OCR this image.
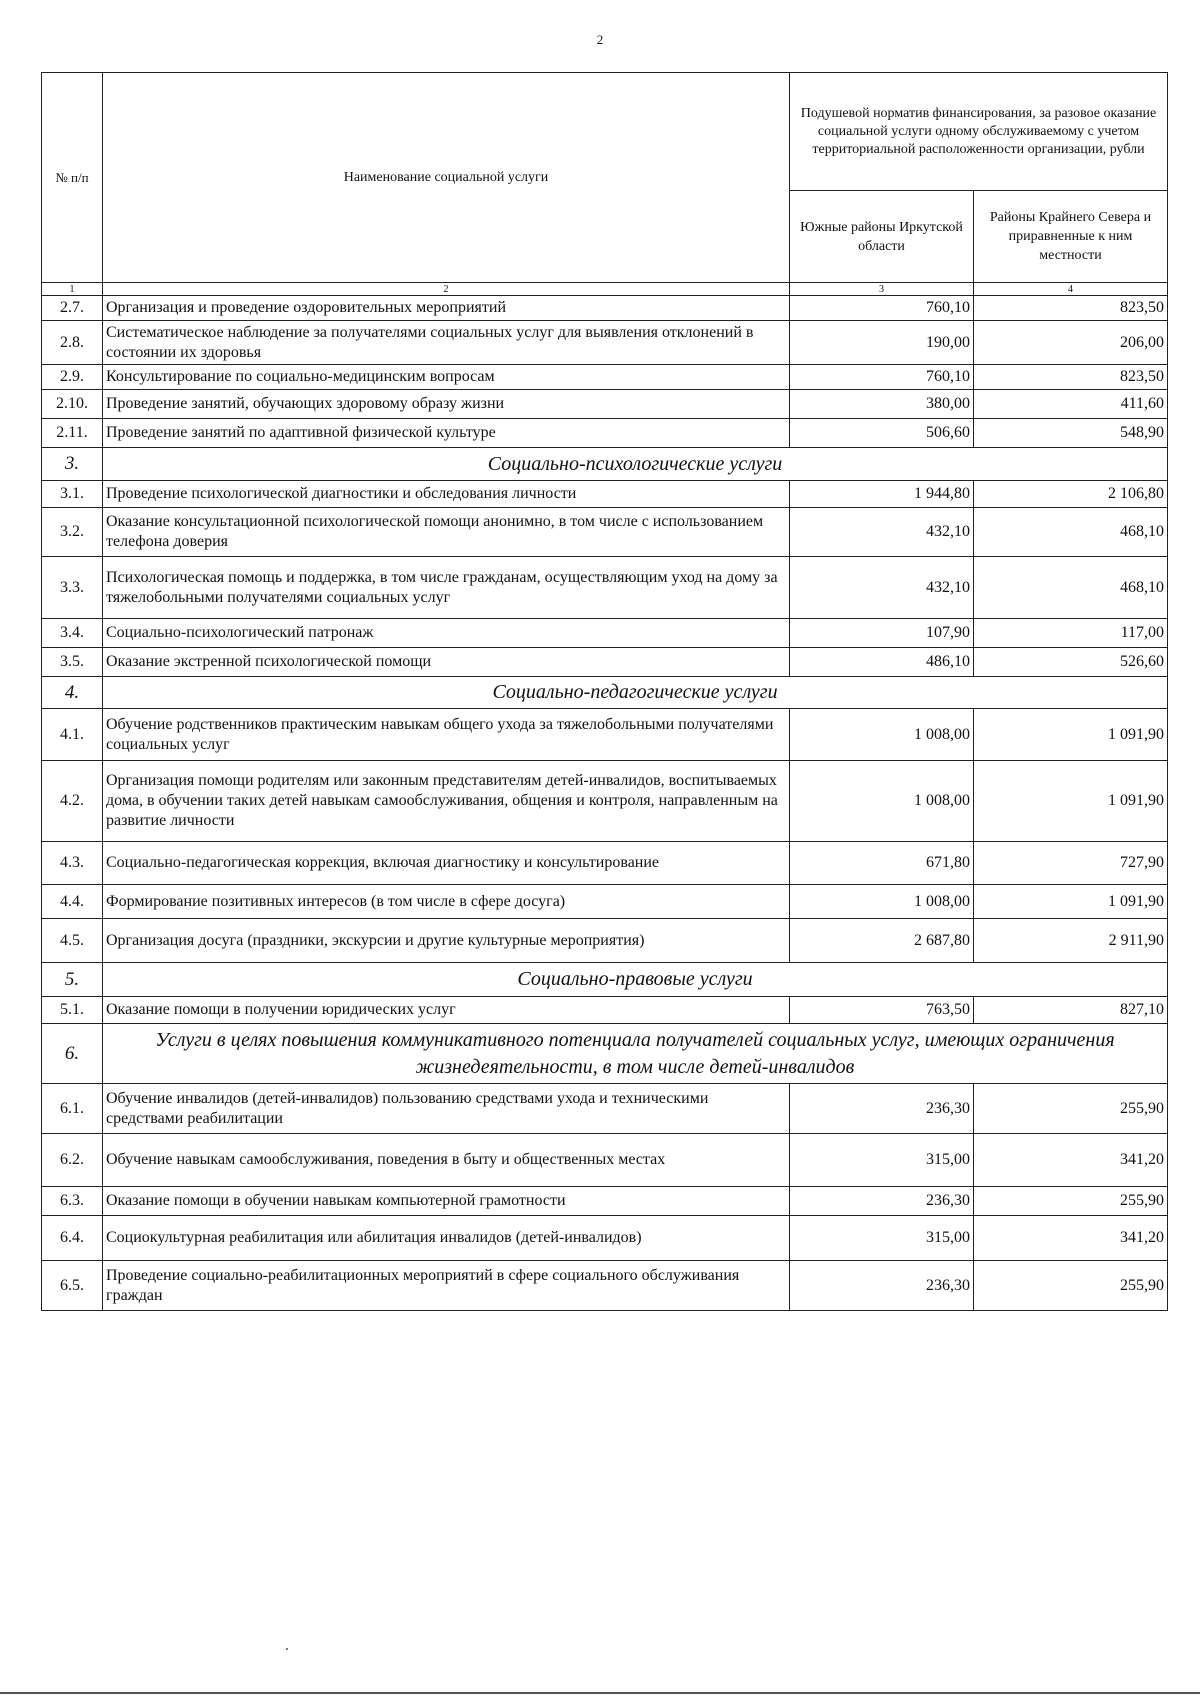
2
№ п/п	Наименование социальной услуги	Подушевой норматив финансирования, за разовое оказание социальной услуги одному обслуживаемому с учетом территориальной расположенности организации, рубли	
		Южные районы Иркутской области	Районы Крайнего Севера и приравненные к ним местности
1	2	3	4
2.7.	Организация и проведение оздоровительных мероприятий	760,10	823,50
2.8.	Систематическое наблюдение за получателями социальных услуг для выявления отклонений в состоянии их здоровья	190,00	206,00
2.9.	Консультирование по социально-медицинским вопросам	760,10	823,50
2.10.	Проведение занятий, обучающих здоровому образу жизни	380,00	411,60
2.11.	Проведение занятий по адаптивной физической культуре	506,60	548,90
3.	Социально-психологические услуги		
3.1.	Проведение психологической диагностики и обследования личности	1 944,80	2 106,80
3.2.	Оказание консультационной психологической помощи анонимно, в том числе с использованием телефона доверия	432,10	468,10
3.3.	Психологическая помощь и поддержка, в том числе гражданам, осуществляющим уход на дому за тяжелобольными получателями социальных услуг	432,10	468,10
3.4.	Социально-психологический патронаж	107,90	117,00
3.5.	Оказание экстренной психологической помощи	486,10	526,60
4.	Социально-педагогические услуги		
4.1.	Обучение родственников практическим навыкам общего ухода за тяжелобольными получателями социальных услуг	1 008,00	1 091,90
4.2.	Организация помощи родителям или законным представителям детей-инвалидов, воспитываемых дома, в обучении таких детей навыкам самообслуживания, общения и контроля, направленным на развитие личности	1 008,00	1 091,90
4.3.	Социально-педагогическая коррекция, включая диагностику и консультирование	671,80	727,90
4.4.	Формирование позитивных интересов (в том числе в сфере досуга)	1 008,00	1 091,90
4.5.	Организация досуга (праздники, экскурсии и другие культурные мероприятия)	2 687,80	2 911,90
5.	Социально-правовые услуги		
5.1.	Оказание помощи в получении юридических услуг	763,50	827,10
6.	Услуги в целях повышения коммуникативного потенциала получателей социальных услуг, имеющих ограничения жизнедеятельности, в том числе детей-инвалидов		
6.1.	Обучение инвалидов (детей-инвалидов) пользованию средствами ухода и техническими средствами реабилитации	236,30	255,90
6.2.	Обучение навыкам самообслуживания, поведения в быту и общественных местах	315,00	341,20
6.3.	Оказание помощи в обучении навыкам компьютерной грамотности	236,30	255,90
6.4.	Социокультурная реабилитация или абилитация инвалидов (детей-инвалидов)	315,00	341,20
6.5.	Проведение социально-реабилитационных мероприятий в сфере социального обслуживания граждан	236,30	255,90
